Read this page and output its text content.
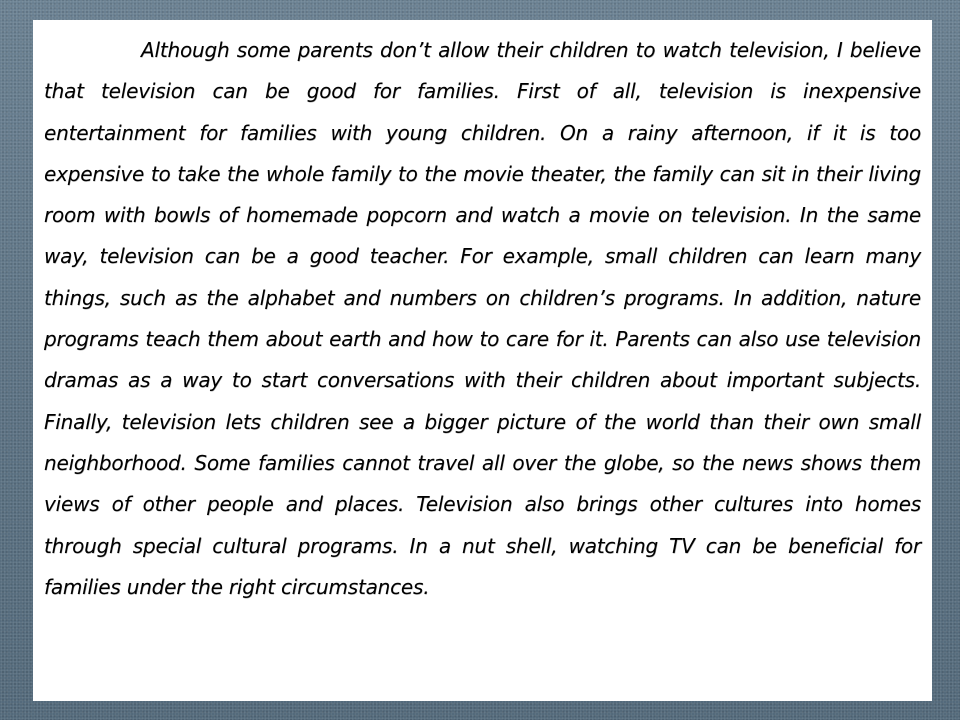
Although some parents don’t allow their children to watch television, I believe that television can be good for families. First of all, television is inexpensive entertainment for families with young children. On a rainy afternoon, if it is too expensive to take the whole family to the movie theater, the family can sit in their living room with bowls of homemade popcorn and watch a movie on television. In the same way, television can be a good teacher. For example, small children can learn many things, such as the alphabet and numbers on children’s programs. In addition, nature programs teach them about earth and how to care for it. Parents can also use television dramas as a way to start conversations with their children about important subjects. Finally, television lets children see a bigger picture of the world than their own small neighborhood. Some families cannot travel all over the globe, so the news shows them views of other people and places. Television also brings other cultures into homes through special cultural programs. In a nut shell, watching TV can be beneficial for families under the right circumstances.
